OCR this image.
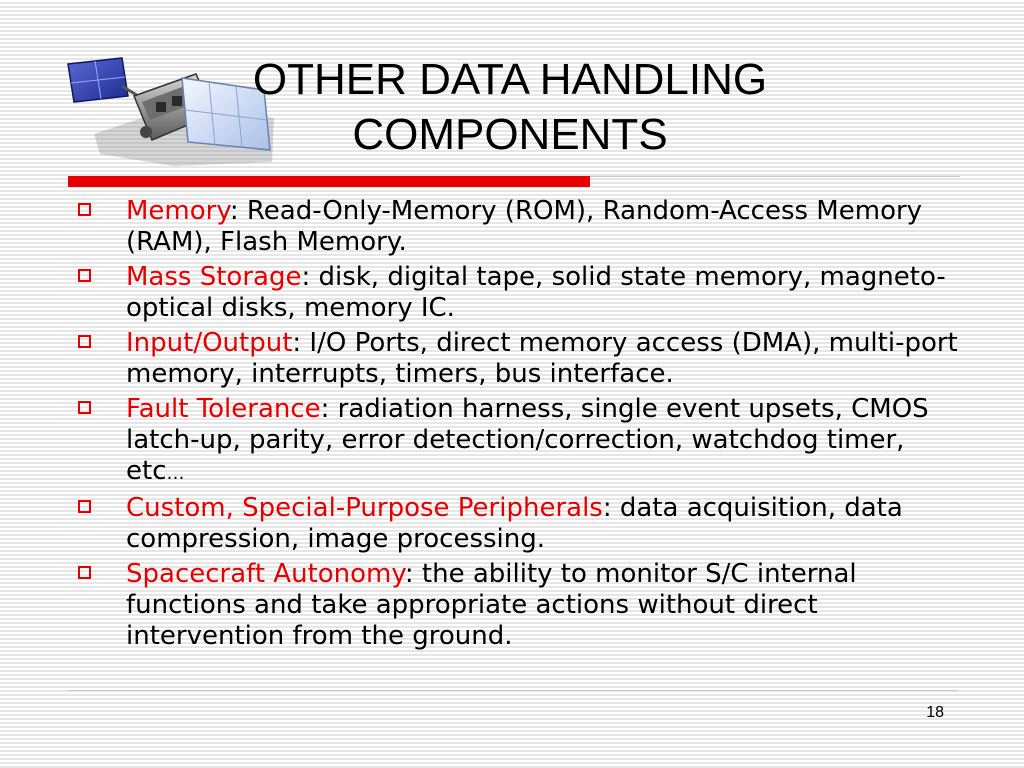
OTHER DATA HANDLING
COMPONENTS
Memory: Read-Only-Memory (ROM), Random-Access Memory (RAM), Flash Memory.
Mass Storage: disk, digital tape, solid state memory, magneto-optical disks, memory IC.
Input/Output: I/O Ports, direct memory access (DMA), multi-port memory, interrupts, timers, bus interface.
Fault Tolerance: radiation harness, single event upsets, CMOS latch-up, parity, error detection/correction, watchdog timer, etc…
Custom, Special-Purpose Peripherals: data acquisition, data compression, image processing.
Spacecraft Autonomy: the ability to monitor S/C internal functions and take appropriate actions without direct intervention from the ground.
18
